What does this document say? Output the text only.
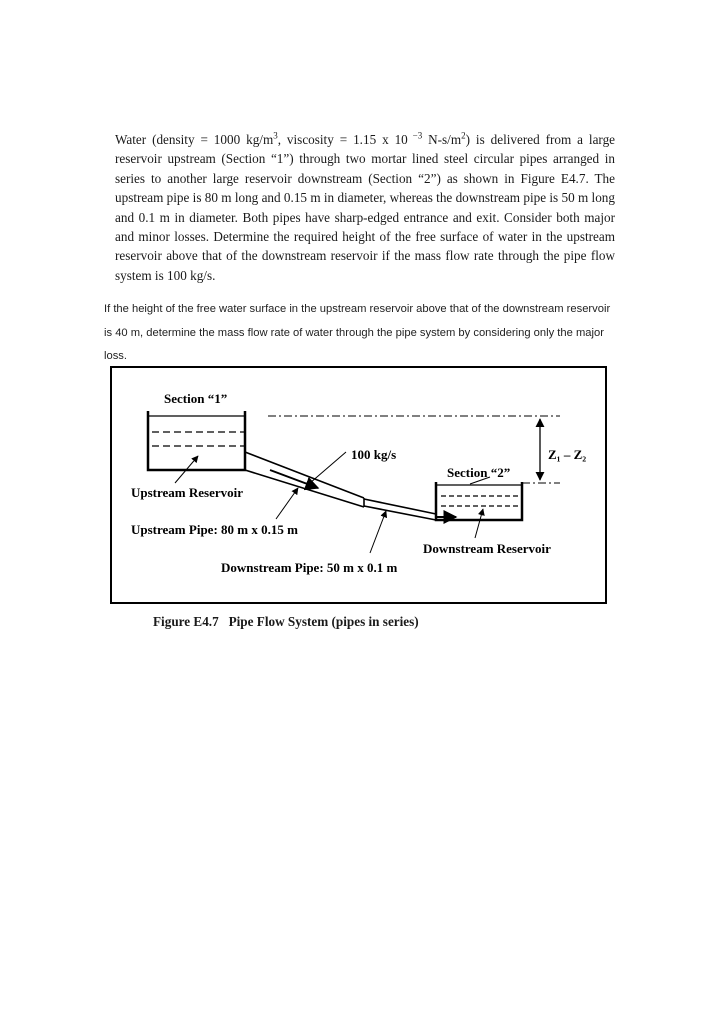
Water (density = 1000 $kg/m^3$, viscosity = 1.15 x 10 $^{-3}$ $N-s/m^2$) is delivered from a large reservoir upstream (Section “1”) through two mortar lined steel circular pipes arranged in series to another large reservoir downstream (Section “2”) as shown in Figure E4.7. The upstream pipe is 80 m long and 0.15 m in diameter, whereas the downstream pipe is 50 m long and 0.1 m in diameter. Both pipes have sharp-edged entrance and exit. Consider both major and minor losses. Determine the required height of the free surface of water in the upstream reservoir above that of the downstream reservoir if the mass flow rate through the pipe flow system is 100 kg/s.

If the height of the free water surface in the upstream reservoir above that of the downstream reservoir is 40 m, determine the mass flow rate of water through the pipe system by considering only the major loss.

Section “1”
Section “2”
100 kg/s	Z₁ – Z₂
Upstream Reservoir
Upstream Pipe: 80 m x 0.15 m
Downstream Reservoir
Downstream Pipe: 50 m x 0.1 m

Figure E4.7   Pipe Flow System (pipes in series)
